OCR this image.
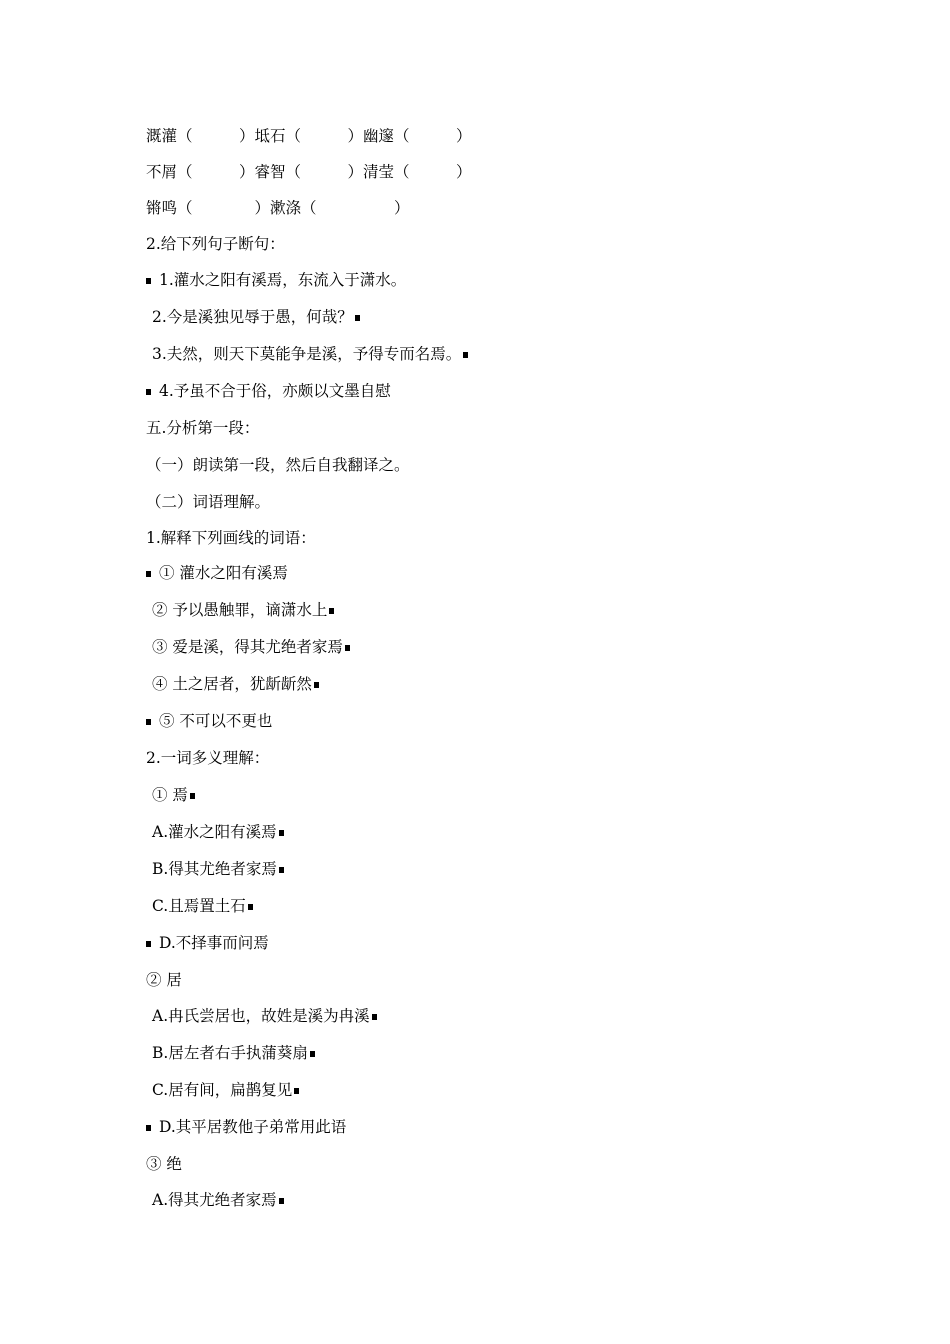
溉灌（　　　）坻石（　　　）幽邃（　　　）
不屑（　　　）睿智（　　　）清莹（　　　）
锵鸣（　　　　）漱涤（　　　　　）
2.给下列句子断句：
1.灌水之阳有溪焉，东流入于潇水。
2.今是溪独见辱于愚，何哉？
3.夫然，则天下莫能争是溪，予得专而名焉。
4.予虽不合于俗，亦颇以文墨自慰
五.分析第一段：
（一）朗读第一段，然后自我翻译之。
（二）词语理解。
1.解释下列画线的词语：
① 灌水之阳有溪焉
② 予以愚触罪，谪潇水上
③ 爱是溪，得其尤绝者家焉
④ 土之居者，犹龂龂然
⑤ 不可以不更也
2.一词多义理解：
① 焉
A.灌水之阳有溪焉
B.得其尤绝者家焉
C.且焉置土石
D.不择事而问焉
② 居
A.冉氏尝居也，故姓是溪为冉溪
B.居左者右手执蒲葵扇
C.居有间，扁鹊复见
D.其平居教他子弟常用此语
③ 绝
A.得其尤绝者家焉
